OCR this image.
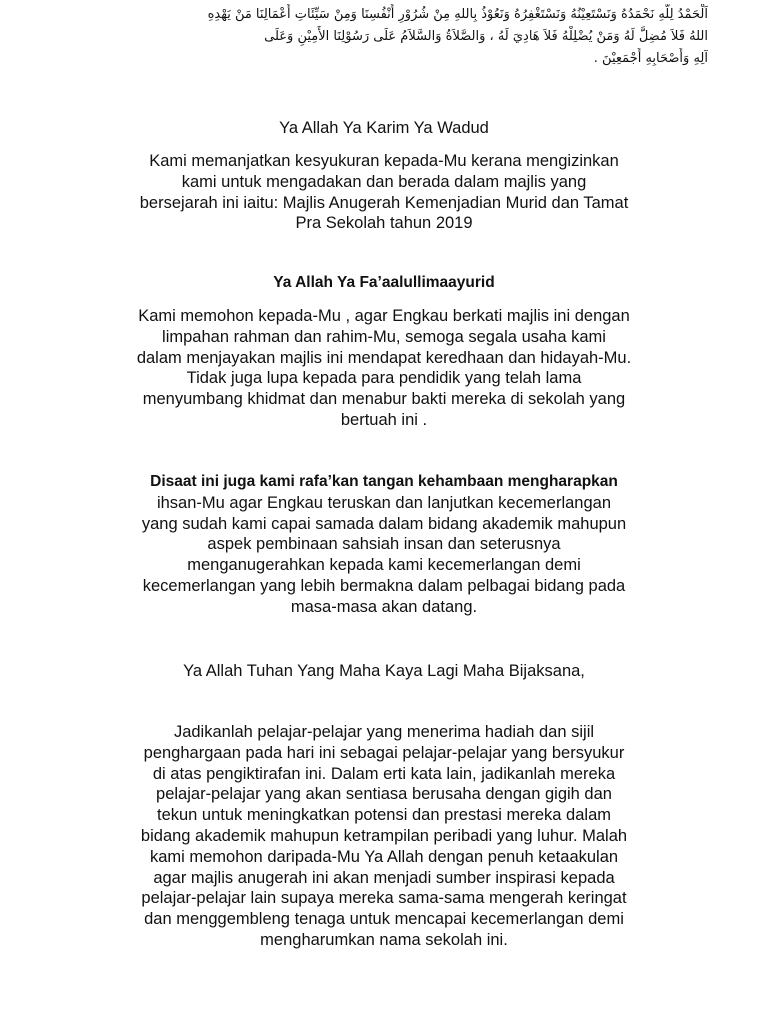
اَلْحَمْدُ لِلَّهِ نَحْمَدُهُ وَنَسْتَعِيْنُهُ وَنَسْتَغْفِرُهُ وَنَعُوْذُ بِاللهِ مِنْ شُرُوْرِ أَنْفُسِنَا وَمِنْ سَيِّئَاتِ أَعْمَالِنَا مَنْ يَهْدِهِ
اللهُ فَلاَ مُضِلَّ لَهُ وَمَنْ يُضْلِلْهُ فَلاَ هَادِيَ لَهُ ، وَالصَّلاَةُ وَالسَّلاَمُ عَلَى رَسُوْلِنَا الأَمِيْنِ وَعَلَى
آلِهِ وَأَصْحَابِهِ أَجْمَعِيْنَ .
Ya Allah Ya Karim Ya Wadud
Kami memanjatkan kesyukuran kepada-Mu kerana mengizinkan
kami untuk mengadakan dan berada dalam majlis yang
bersejarah ini iaitu: Majlis Anugerah Kemenjadian Murid dan Tamat
Pra Sekolah tahun 2019
Ya Allah Ya Fa’aalullimaayurid
Kami memohon kepada-Mu , agar Engkau berkati majlis ini dengan
limpahan rahman dan rahim-Mu, semoga segala usaha kami
dalam menjayakan majlis ini mendapat keredhaan dan hidayah-Mu.
Tidak juga lupa kepada para pendidik yang telah lama
menyumbang khidmat dan menabur bakti mereka di sekolah yang
bertuah ini .
Disaat ini juga kami rafa’kan tangan kehambaan mengharapkan
ihsan-Mu agar Engkau teruskan dan lanjutkan kecemerlangan
yang sudah kami capai samada dalam bidang akademik mahupun
aspek pembinaan sahsiah insan dan seterusnya
menganugerahkan kepada kami kecemerlangan demi
kecemerlangan yang lebih bermakna dalam pelbagai bidang pada
masa-masa akan datang.
Ya Allah Tuhan Yang Maha Kaya Lagi Maha Bijaksana,
Jadikanlah pelajar-pelajar yang menerima hadiah dan sijil
penghargaan pada hari ini sebagai pelajar-pelajar yang bersyukur
di atas pengiktirafan ini. Dalam erti kata lain, jadikanlah mereka
pelajar-pelajar yang akan sentiasa berusaha dengan gigih dan
tekun untuk meningkatkan potensi dan prestasi mereka dalam
bidang akademik mahupun ketrampilan peribadi yang luhur. Malah
kami memohon daripada-Mu Ya Allah dengan penuh ketaakulan
agar majlis anugerah ini akan menjadi sumber inspirasi kepada
pelajar-pelajar lain supaya mereka sama-sama mengerah keringat
dan menggembleng tenaga untuk mencapai kecemerlangan demi
mengharumkan nama sekolah ini.
